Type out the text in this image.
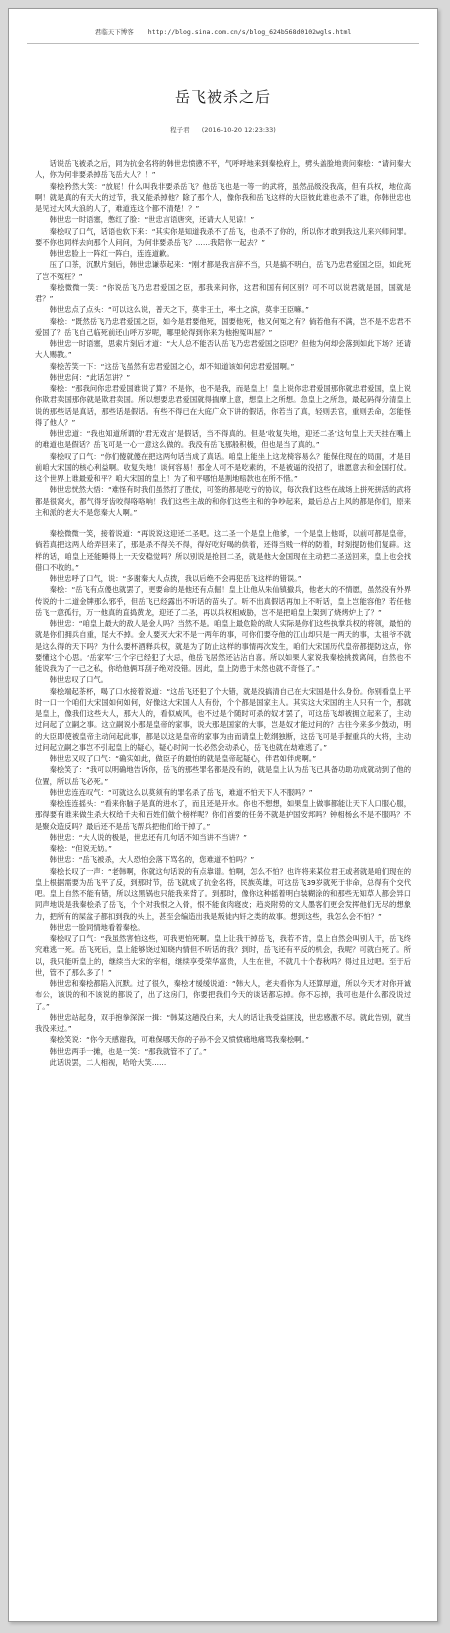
君临天下博客 http://blog.sina.com.cn/s/blog_624b568d0102wgls.html
岳飞被杀之后
程子君 (2016-10-20 12:23:33)

话说岳飞被杀之后，同为抗金名将的韩世忠愤懑不平，气呼呼地来到秦桧府上，劈头盖脸地责问秦桧：“请问秦大人，你为何非要杀掉岳飞岳大人？！”

秦桧矜然大笑：“放屁！什么叫我非要杀岳飞？他岳飞也是一等一的武将，虽然品级没我高，但有兵权，地位高啊！就是真的有天大的过节，我又能杀掉他？除了那个人，像你我和岳飞这样的大臣彼此谁也杀不了谁，你韩世忠也是见过大风大浪的人了，难道连这个都不清楚！？”

韩世忠一时语塞，憋红了脸：“世忠言语唐突，还请大人见谅！”

秦桧叹了口气，话语也软下来：“其实你是知道我杀不了岳飞，也杀不了你的，所以你才敢到我这儿来兴师问罪。要不你也同样去向那个人问问，为何非要杀岳飞？……我陪你一起去？”

韩世忠脸上一阵红一阵白，连连道歉。

压了口茶，沉默片刻后，韩世忠谦恭起来：“刚才都是我言辞不当，只是搞不明白，岳飞乃忠君爱国之臣，如此死了岂不冤枉？”

秦桧微微一笑：“你说岳飞乃忠君爱国之臣，那我来问你，这君和国有何区别？可不可以说君就是国，国就是君？”

韩世忠点了点头：“可以这么说，普天之下，莫非王土，率土之滨，莫非王臣嘛。”

秦桧：“既然岳飞乃忠君爱国之臣，如今是君要他死，国要他死，他又何冤之有？倘若他有不满，岂不是不忠君不爱国了？岳飞自己临死前还山呼万岁呢，哪里轮得到你来为他抱冤叫屈？”

韩世忠一时语塞，思索片刻后才道：“大人总不能否认岳飞乃忠君爱国之臣吧？但他为何却会落到如此下场？还请大人赐教。”

秦桧苦笑一下：“这岳飞虽然有忠君爱国之心，却不知道该如何忠君爱国啊。”

韩世忠问：“此话怎讲？”

秦桧：“那我问你忠君爱国谁说了算？不是你，也不是我，而是皇上！皇上说你忠君爱国那你就忠君爱国，皇上说你欺君卖国那你就是欺君卖国。所以想要忠君爱国就得揣摩上意，想皇上之所想。急皇上之所急，最起码得分清皇上说的那些话是真话，那些话是假话。有些不得已在大庭广众下讲的假话，你若当了真，轻则丢官，重则丢命，怎能怪得了他人？”

韩世忠道：“我也知道所谓的‘君无戏言’是假话，当不得真的。但是‘收复失地，迎还二圣’这句皇上天天挂在嘴上的难道也是假话？岳飞可是一心一意这么做的。我没有岳飞那般积极，但也是当了真的。”

秦桧叹了口气：“你们傻就傻在把这两句话当成了真话。咱皇上能坐上这龙椅容易么？能保住现在的局面，才是目前咱大宋国的核心利益啊。收复失地！谈何容易！那金人可不是吃素的，不是被逼的没招了，谁愿意去和金国打仗。这个世界上谁最爱和平？咱大宋国的皇上！为了和平哪怕是割地赔款也在所不惜。”

韩世忠恍然大悟：“难怪有时我们虽然打了胜仗，可签的都是吃亏的协议，每次我们这些在战场上拼死拼活的武将都是很窝火，都气得牙齿咬得咯咯响！我们这些主战的和你们这些主和的争吵起来，最后总占上风的都是你们，原来主和派的老大不是您秦大人啊。”

秦桧微微一笑，接着说道：“再说说这迎还二圣吧。这二圣一个是皇上他爹，一个是皇上他哥，以前可都是皇帝，倘若真把这两人给弄回来了，那是杀不得关不得，得好吃好喝的供着，还得当贱一样的防着，时刻提防他们复辟。这样的话，咱皇上还能睡得上一天安稳觉吗？所以别说是抢回二圣，就是他大金国现在主动把二圣送回来，皇上也会找借口不收的。”

韩世忠呼了口气，说：“多谢秦大人点拨，我以后绝不会再犯岳飞这样的错误。”

秦桧：“岳飞有点傻也就罢了，更要命的是他还有点倔！皇上让他从朱仙镇撤兵，他老大的不情愿，虽然没有外界传说的十二道金牌那么邪乎，但岳飞已经露出不听话的苗头了。听不出真假话再加上不听话，皇上岂能容他？若任他岳飞一意孤行，万一他真的直捣黄龙，迎还了二圣，再以兵权相威胁，岂不是把咱皇上架到了烧烤炉上了？”

韩世忠：“咱皇上最大的敌人是金人吗？当然不是。咱皇上最危险的敌人实际是你们这些执掌兵权的将领，最怕的就是你们拥兵自重，尾大不掉。金人要灭大宋不是一两年的事，可你们要夺他的江山却只是一两天的事，太祖爷不就是这么得的天下吗？为什么要杯酒释兵权，就是为了防止这样的事情再次发生，咱们大宋国历代皇帝都提防这点，你要懂这个心思。‘岳家军’三个字已经犯了大忌，他岳飞居然还沾沾自喜。所以如果人家说我秦桧挑拨离间，自然也不能说我为了一己之私，你给他俩耳刮子绝对没错。因此，皇上防患于未然也就不奇怪了。”

韩世忠叹了口气。

秦桧端起茶杯，喝了口水接着说道：“这岳飞还犯了个大错，就是没搞清自己在大宋国是什么身份。你别看皇上平时一口一个咱们大宋国如何如何，好像这大宋国人人有份，个个都是国家主人。其实这大宋国的主人只有一个，那就是皇上，像我们这些大人，那大人的，看似威风，也不过是个随时可杀的奴才罢了，可这岳飞却被拥立起来了，主动过问起了立嗣之事。这立嗣说小那是皇帝的家事，说大那是国家的大事，岂是奴才能过问的？古往今来多少鼓动，明的大臣即使被皇帝主动问起此事，都是以这是皇帝的家事为由而请皇上乾纲独断，这岳飞可是手握重兵的大将，主动过问起立嗣之事岂不引起皇上的疑心，疑心时间一长必然会动杀心，岳飞也就在劫难逃了。”

韩世忠又叹了口气：“确实如此，做臣子的最怕的就是皇帝起疑心，伴君如伴虎啊。”

秦桧笑了：“我可以明确地告诉你，岳飞的那些罪名都是没有的，就是皇上认为岳飞已具备功助功成就动到了他的位置，所以岳飞必死。”

韩世忠连连叹气：“可就这么以莫须有的罪名杀了岳飞，难道不怕天下人不服吗？”

秦桧连连摇头：“看来你脑子是真的进水了，而且还是开水。你也不想想，如果皇上做事都能让天下人口服心服，那得要有谁来做生杀大权给千夫和百姓们做个榜样呢？你们首要的任务不就是护国安邦吗？钟相杨幺不是不服吗？不是聚众造反吗？最后还不是岳飞帮兵把他们给干掉了。”

韩世忠：“大人说的极是，世忠还有几句话不知当讲不当讲？”

秦桧：“但说无妨。”

韩世忠：“岳飞被杀，大人恐怕会落下骂名的，您难道不怕吗？”

秦桧长叹了一声：“老韩啊，你就这句话说的有点靠谱。怕啊，怎么不怕？也许将来某位君王或者就是咱们现在的皇上根据需要为岳飞平了反，到那时节，岳飞就成了抗金名将，民族英雄，可这岳飞39岁就死于非命，总得有个交代吧。皇上自然不能有错，所以这黑锅也只能我来背了。到那时，像你这种摇着明白装糊涂的和那些无知草人都会异口同声地说是我秦桧杀了岳飞，个个对我恨之入骨，恨不能食肉寝皮；趋炎附势的文人墨客们更会发挥他们无尽的想象力，把所有的屎盆子都扣到我的头上，甚至会编造出我是叛徒内奸之类的故事。想到这些，我怎么会不怕？”

韩世忠一脸同情地看着秦桧。

秦桧叹了口气：“我虽然害怕这些，可我更怕死啊。皇上让我干掉岳飞，我若不肯，皇上自然会叫别人干，岳飞终究难逃一死。岳飞死后，皇上能够饶过知晓内情但不听话的我？到时，岳飞还有平反的机会，我呢？可就白死了。所以，我只能听皇上的，继续当大宋的宰相，继续享受荣华富贵，人生在世，不就几十个春秋吗？得过且过吧。至于后世，管不了那么多了！”

韩世忠和秦桧都陷入沉默。过了很久，秦桧才缓缓说道：“韩大人，老夫看你为人还算厚道，所以今天才对你开诚布公，该说的和不该说的都说了，出了这房门，你要把我们今天的谈话都忘掉。你不忘掉，我可也是什么都没说过了。”

韩世忠站起身，双手抱拳深深一揖：“韩某这趟没白来，大人的话让我受益匪浅，世忠感激不尽。就此告别，就当我没来过。”

秦桧笑说：“你今天感谢我，可难保哪天你的子孙不会又愤愤痛地痛骂我秦桧啊。”

韩世忠两手一摊，也是一笑：“那我就管不了了。”

此话说罢，二人相视，哈哈大笑……
